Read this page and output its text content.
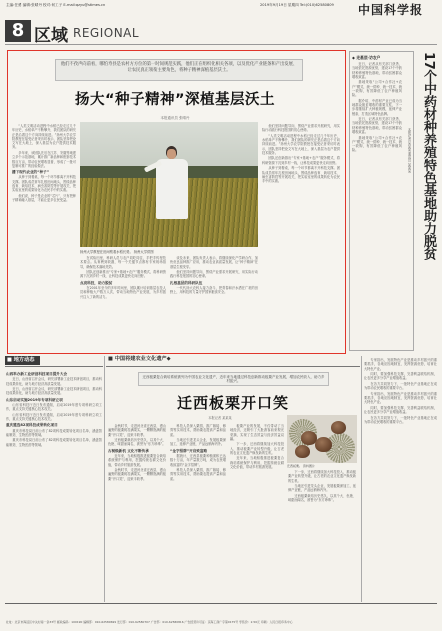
主编:任勇 编辑:张晴丹 校对:何工子 E-mail:qzyu@stimes.cn	2019年9月19日 星期四 Tel:(010)62580809 中国科学报
8 区域 REGIONAL
他们不孜声向前看，哪怕寿县是农村方方位的第一时间规范实践，他们正在组织化相关各项，以及优化产业链条和产出发展、让农民真正领衔主要角色，将种子精神深植基层沃土。
扬大“种子精神”深植基层沃土
本报通讯员 张晴丹

“人类文明活动进程中水稻已经走过几千年历史，水稻单产不断攀升，我们团队的研究正是沿着这个方向持续前进。”扬州大学农学院教授在接受记者采访时表示，团队坚持把论文写在大地上，深入基层为农户提供技术服务。

多年来，该团队先后在江苏、安徽等地建立多个示范基地，累计推广新品种和配套技术数百万亩，带动农民增收显著，形成了一批可复制可推广的经验做法。

播下现代农业的“种子”

从种子到餐桌，每一个环节都离不开科技支撑。团队成员常年扎根田间地头，围绕品种选育、栽培技术、病虫害防控等开展攻关，把实验室里的成果转化为农民手中的实惠。

他们说，种子是农业的“芯片”，只有把种子精神融入基层，才能让更多农民受益。

扬州大学教授在田间察看水稻长势。 扬州大学供图

在试验田里，科研人员与农户同吃同住，手把手传授技术要点。从育秧到收割，每一个关键节点都有专家现场指导，确保技术落地见效。

团队还创新推出“专家+基地+农户”服务模式，将科研资源下沉到乡村一线，让科技成果更快走向田野。

点亮科技，助力脱贫

在2001年至今的多年时间里，团队累计培训基层农技人员和种植大户数万人次，带动当地特色产业发展，为乡村振兴注入了新的活力。

谈及未来，团队负责人表示，将继续深化产学研合作，加快优良品种推广应用，推动农业高质量发展，让“种子精神”在基层生根发芽。

他们坚持问题导向，围绕产业需求开展研究，用实际行动践行科技报国的初心使命。

扎根基层的科研队伍

一代代扬大农科人接力奋斗，把青春和汗水洒在广袤的田野上，用科技的力量守护国家粮食安全。

他们坚持问题导向，围绕产业需求开展研究，用实际行动践行科技报国的初心使命。

“人类文明活动进程中水稻已经走过几千年历史，水稻单产不断攀升，我们团队的研究正是沿着这个方向持续前进。”扬州大学农学院教授在接受记者采访时表示，团队坚持把论文写在大地上，深入基层为农户提供技术服务。

团队还创新推出“专家+基地+农户”服务模式，将科研资源下沉到乡村一线，让科技成果更快走向田野。

从种子到餐桌，每一个环节都离不开科技支撑。团队成员常年扎根田间地头，围绕品种选育、栽培技术、病虫害防控等开展攻关，把实验室里的成果转化为农民手中的实惠。

◆ 走基层·访农户	17个中药材种养殖特色基地助力脱贫
本报记者 某某某 通讯员 某某某

近日，记者从有关部门获悉，当地依托资源优势，建设17个中药材种养殖特色基地，带动贫困群众增收致富。

基地采取“公司+合作社+农户”模式，统一供种、统一技术、统一收购，有效降低了农户种植风险。

据介绍，中药材产业已成为当地群众脱贫增收的重要支柱，下一步将继续扩大种植规模，延伸产业链条，打造区域特色品牌。

近日，记者从有关部门获悉，当地依托资源优势，建设17个中药材种养殖特色基地，带动贫困群众增收致富。

基地采取“公司+合作社+农户”模式，统一供种、统一技术、统一收购，有效降低了农户种植风险。

■ 地方动态
山西举办新工业研创科技项目提升大会

近日，山西省召开会议，研究部署新工业技术研创项目，推动科技成果转化，助力地方经济高质量发展。

近日，山西省召开会议，研究部署新工业技术研创项目，推动科技成果转化，助力地方经济高质量发展。

山东启动实施2019年专项科研立项

山东省科技厅近日发布通知，启动2019年度专项科研立项工作，重点支持关键核心技术攻关。

山东省科技厅近日发布通知，启动2019年度专项科研立项工作，重点支持关键核心技术攻关。

重庆遴选82项科技成果转化项目

重庆市科技局日前公布了82项科技成果转化项目名单，涵盖智能制造、生物医药等领域。

重庆市科技局日前公布了82项科技成果转化项目名单，涵盖智能制造、生物医药等领域。

■ 中国将建农业文化遗产◆
迁西板栗复合栽培系统被列为中国农业文化遗产，近年来当地通过科技创新推动板栗产业发展，增加农民收入，助力乡村振兴。
迁西板栗开口笑
本报记者 某某某

金秋时节，走进河北省迁西县，漫山遍野的板栗树挂满果实，一颗颗饱满的板栗“开口笑”，迎来丰收季。

迁西板栗栽培历史悠久，以其个大、色艳、味甜而闻名，被誉为“东方珍珠”。

古树焕新机 文化不断传承

近年来，当地积极推进板栗复合栽培系统保护与利用，挖掘传统农耕文化价值，带动乡村旅游发展。

金秋时节，走进河北省迁西县，漫山遍野的板栗树挂满果实，一颗颗饱满的板栗“开口笑”，迎来丰收季。

科技人员深入栗园，推广嫁接、修剪等实用技术，帮助栗农提高产量和品质。

当地还引进龙头企业，发展板栗深加工，延伸产业链，产品远销海内外。

“金字招牌”开启致富路

据统计，迁西县板栗种植面积已达数十万亩，年产量数万吨，成为农民增收致富的“金字招牌”。

科技人员深入栗园，推广嫁接、修剪等实用技术，帮助栗农提高产量和品质。

板栗产业的发展，不仅带动了当地经济，还吸引了大批游客前来观光采摘，实现了生态效益与经济效益双赢。

下一步，迁西将继续加大科技投入，推动板栗产业转型升级，让古老的农业文化遗产焕发新的生机。

近年来，当地积极推进板栗复合栽培系统保护与利用，挖掘传统农耕文化价值，带动乡村旅游发展。	迁西板栗。 资料图片

下一步，迁西将继续加大科技投入，推动板栗产业转型升级，让古老的农业文化遗产焕发新的生机。

当地还引进龙头企业，发展板栗深加工，延伸产业链，产品远销海内外。

迁西板栗栽培历史悠久，以其个大、色艳、味甜而闻名，被誉为“东方珍珠”。

专家指出，发展特色产业是推动乡村振兴的重要抓手，各地应因地制宜，发挥资源优势，培育壮大特色产业。

同时，要加强科技支撑，完善利益联结机制，让农民更多分享产业增值收益。

在各方共同努力下，一批特色产业基地正在成为带动农民增收的重要平台。

专家指出，发展特色产业是推动乡村振兴的重要抓手，各地应因地制宜，发挥资源优势，培育壮大特色产业。

同时，要加强科技支撑，完善利益联结机制，让农民更多分享产业增值收益。

在各方共同努力下，一批特色产业基地正在成为带动农民增收的重要平台。

社址：北京市海淀区中关村南一条33号 邮政编码：100190 编辑部：010-62580699 发行部：010-62580707 广告部：010-62580816 广告经营许可证：京海工商广字第0175号 零售价：2.50元 印刷：人民日报印务中心
